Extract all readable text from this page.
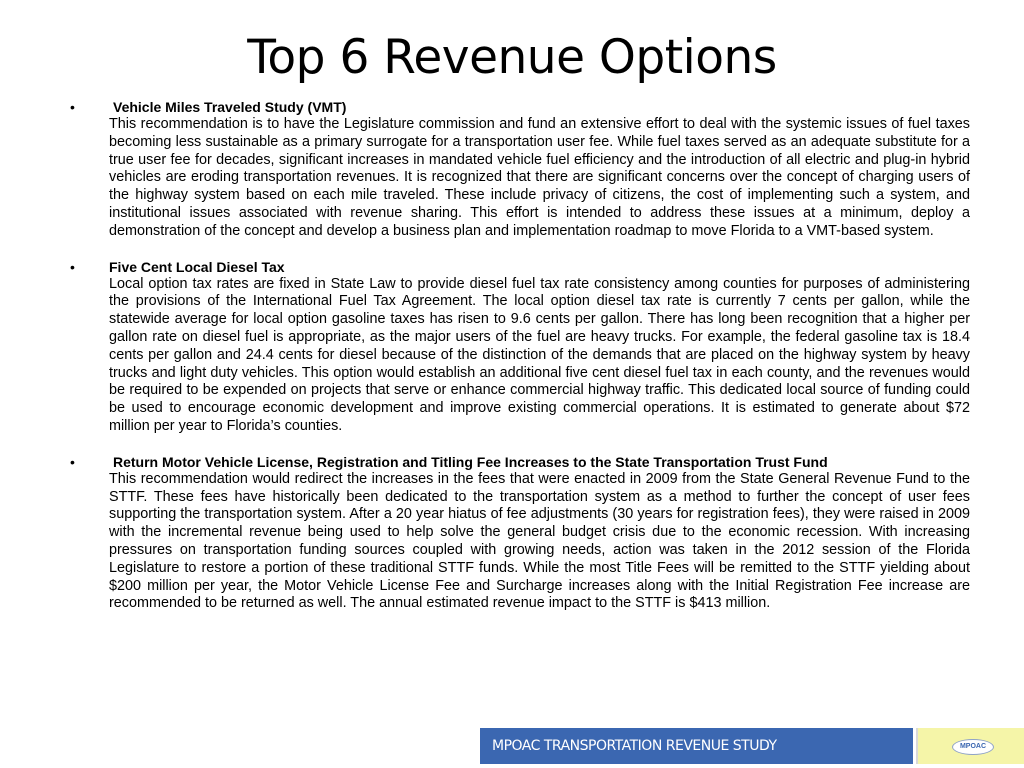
Top 6 Revenue Options
•	Vehicle Miles Traveled Study (VMT)
This recommendation is to have the Legislature commission and fund an extensive effort to deal with the systemic issues of fuel taxes becoming less sustainable as a primary surrogate for a transportation user fee. While fuel taxes served as an adequate substitute for a true user fee for decades, significant increases in mandated vehicle fuel efficiency and the introduction of all electric and plug-in hybrid vehicles are eroding transportation revenues. It is recognized that there are significant concerns over the concept of charging users of the highway system based on each mile traveled. These include privacy of citizens, the cost of implementing such a system, and institutional issues associated with revenue sharing. This effort is intended to address these issues at a minimum, deploy a demonstration of the concept and develop a business plan and implementation roadmap to move Florida to a VMT-based system.
• Five Cent Local Diesel Tax
Local option tax rates are fixed in State Law to provide diesel fuel tax rate consistency among counties for purposes of administering the provisions of the International Fuel Tax Agreement. The local option diesel tax rate is currently 7 cents per gallon, while the statewide average for local option gasoline taxes has risen to 9.6 cents per gallon. There has long been recognition that a higher per gallon rate on diesel fuel is appropriate, as the major users of the fuel are heavy trucks. For example, the federal gasoline tax is 18.4 cents per gallon and 24.4 cents for diesel because of the distinction of the demands that are placed on the highway system by heavy trucks and light duty vehicles. This option would establish an additional five cent diesel fuel tax in each county, and the revenues would be required to be expended on projects that serve or enhance commercial highway traffic. This dedicated local source of funding could be used to encourage economic development and improve existing commercial operations. It is estimated to generate about $72 million per year to Florida’s counties.
•	Return Motor Vehicle License, Registration and Titling Fee Increases to the State Transportation Trust Fund
This recommendation would redirect the increases in the fees that were enacted in 2009 from the State General Revenue Fund to the STTF. These fees have historically been dedicated to the transportation system as a method to further the concept of user fees supporting the transportation system. After a 20 year hiatus of fee adjustments (30 years for registration fees), they were raised in 2009 with the incremental revenue being used to help solve the general budget crisis due to the economic recession. With increasing pressures on transportation funding sources coupled with growing needs, action was taken in the 2012 session of the Florida Legislature to restore a portion of these traditional STTF funds. While the most Title Fees will be remitted to the STTF yielding about $200 million per year, the Motor Vehicle License Fee and Surcharge increases along with the Initial Registration Fee increase are recommended to be returned as well. The annual estimated revenue impact to the STTF is $413 million.
MPOAC TRANSPORTATION REVENUE STUDY	MPOAC
